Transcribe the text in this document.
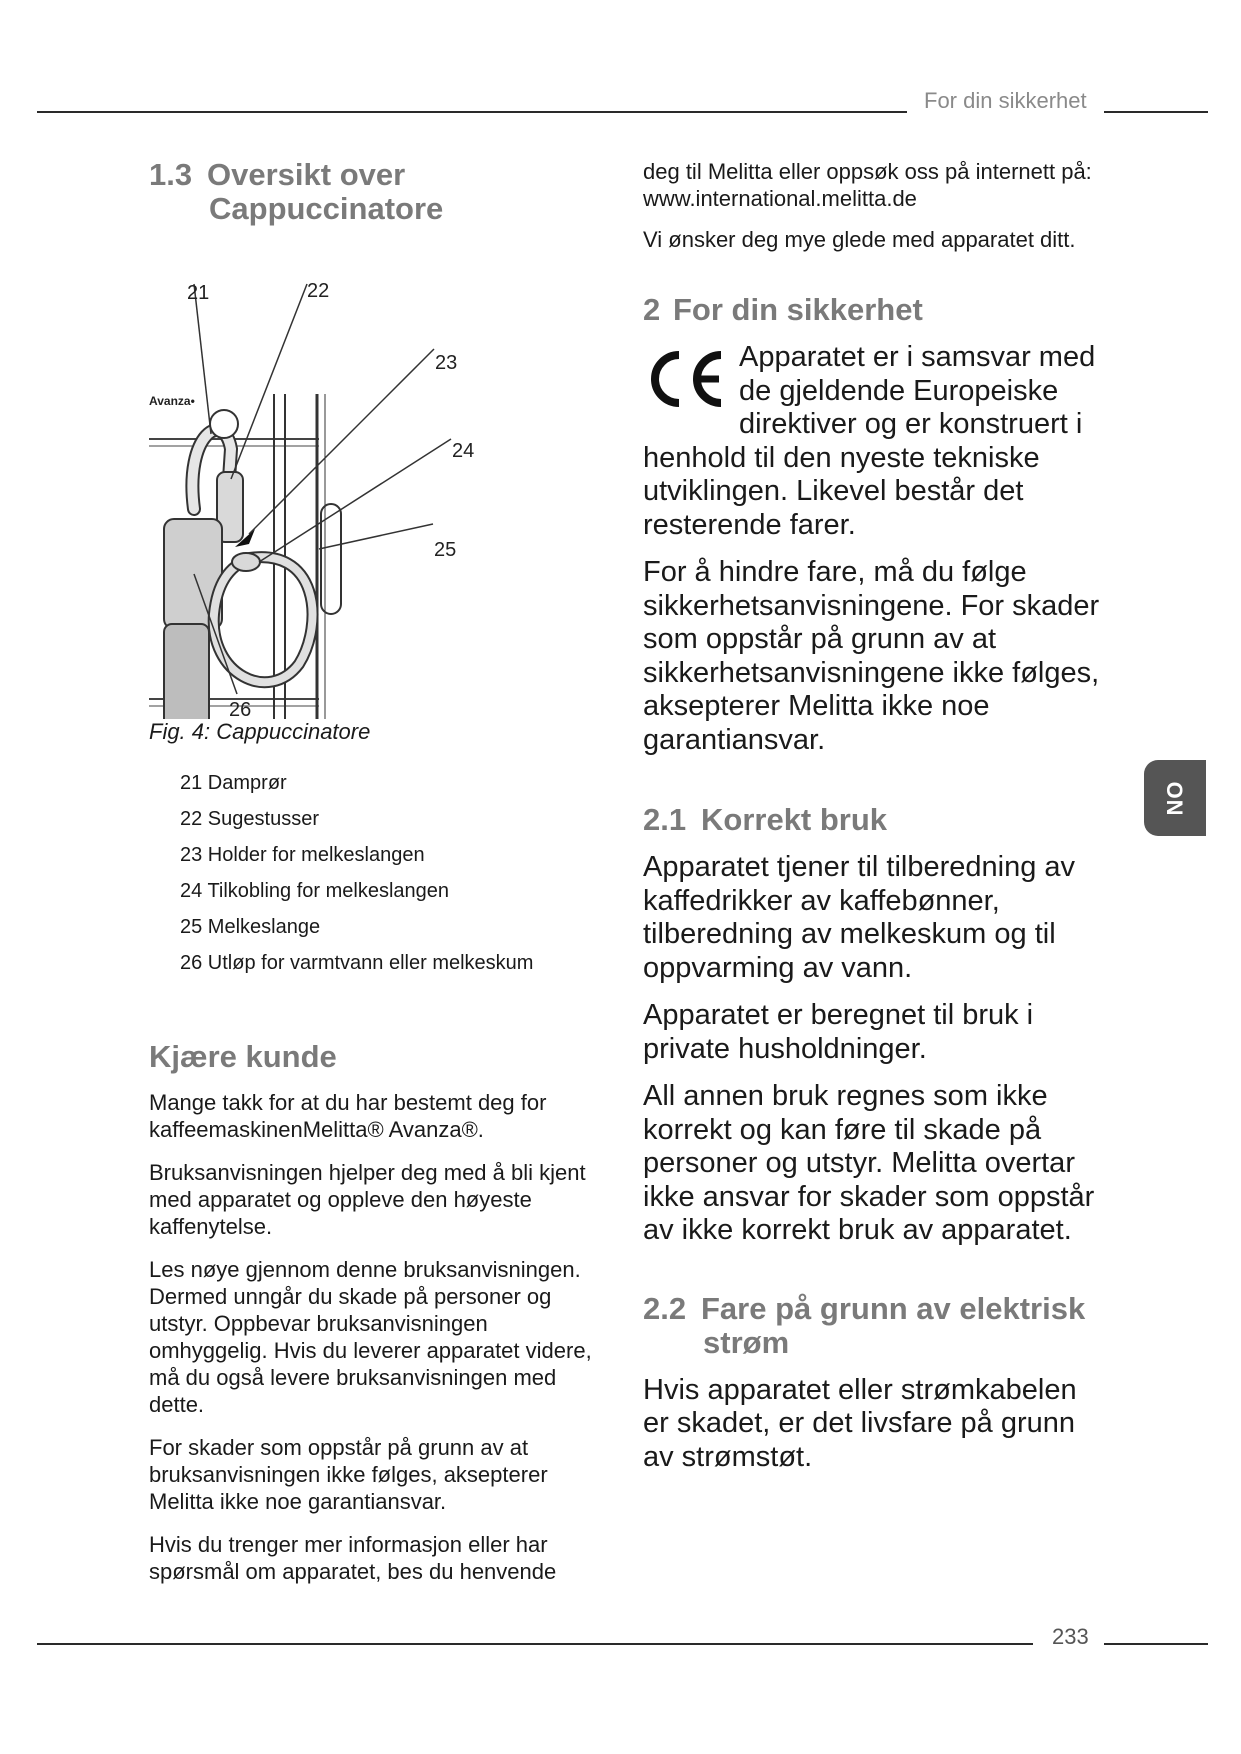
For din sikkerhet
NO
1.3 Oversikt over
Cappuccinatore
Avanza•
21	22
23
24
25
26
Fig. 4: Cappuccinatore
21 Damprør
22 Sugestusser
23 Holder for melkeslangen
24 Tilkobling for melkeslangen
25 Melkeslange
26 Utløp for varmtvann eller melkeskum
Kjære kunde

Mange takk for at du har bestemt deg for kaffeemaskinenMelitta® Avanza®.

Bruksanvisningen hjelper deg med å bli kjent med apparatet og oppleve den høyeste kaffenytelse.

Les nøye gjennom denne bruksanvisningen. Dermed unngår du skade på personer og utstyr. Oppbevar bruksanvisningen omhyggelig. Hvis du leverer apparatet videre, må du også levere bruksanvisningen med dette.

For skader som oppstår på grunn av at bruksanvisningen ikke følges, aksepterer Melitta ikke noe garantiansvar.

Hvis du trenger mer informasjon eller har spørsmål om apparatet, bes du henvende

deg til Melitta eller oppsøk oss på internett på:

www.international.melitta.de

Vi ønsker deg mye glede med apparatet ditt.

2 For din sikkerhet

Apparatet er i samsvar med de gjeldende Europeiske direktiver og er konstruert i henhold til den nyeste tekniske utviklingen. Likevel består det resterende farer.

For å hindre fare, må du følge sikkerhetsanvisningene. For skader som oppstår på grunn av at sikkerhetsanvisningene ikke følges, aksepterer Melitta ikke noe garantiansvar.

2.1 Korrekt bruk

Apparatet tjener til tilberedning av kaffedrikker av kaffebønner, tilberedning av melkeskum og til oppvarming av vann.

Apparatet er beregnet til bruk i private husholdninger.

All annen bruk regnes som ikke korrekt og kan føre til skade på personer og utstyr. Melitta overtar ikke ansvar for skader som oppstår av ikke korrekt bruk av apparatet.

2.2 Fare på grunn av elektrisk
strøm

Hvis apparatet eller strømkabelen er skadet, er det livsfare på grunn av strømstøt.

233
